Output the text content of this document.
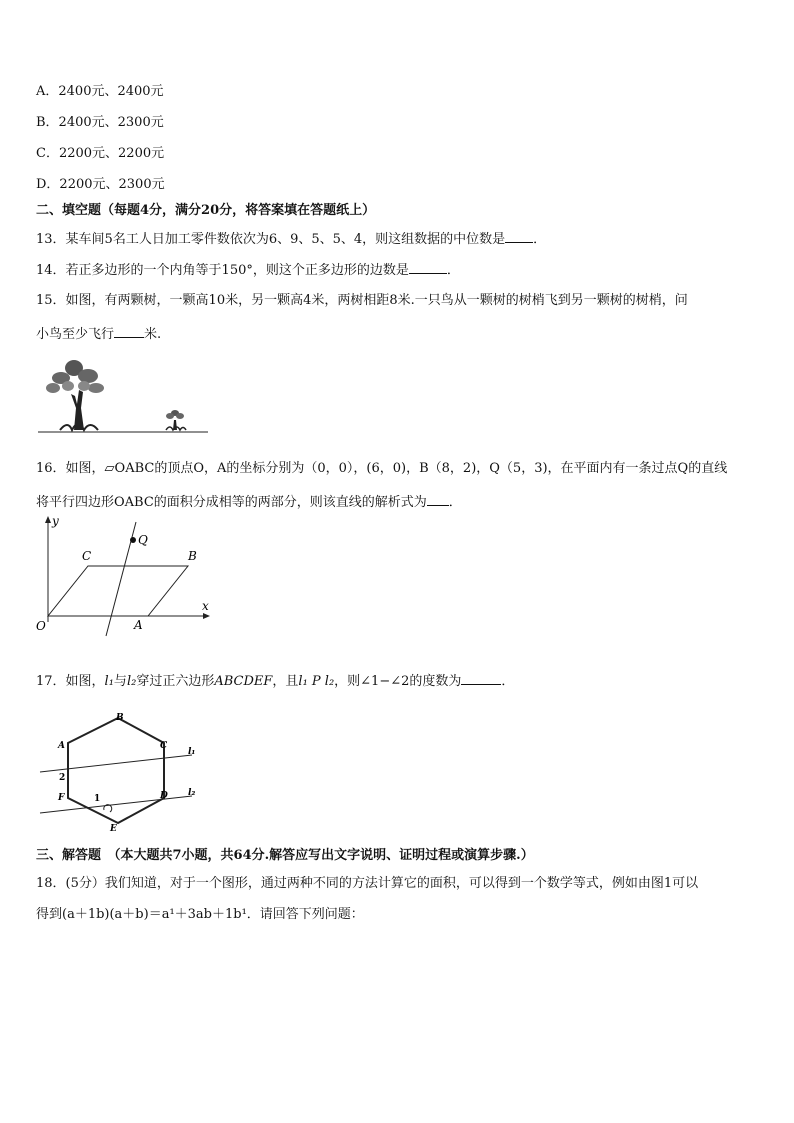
A．2400元、2400元
B．2400元、2300元
C．2200元、2200元
D．2200元、2300元
二、填空题（每题4分，满分20分，将答案填在答题纸上）
13．某车间5名工人日加工零件数依次为6、9、5、5、4，则这组数据的中位数是 ．
14．若正多边形的一个内角等于150°，则这个正多边形的边数是	．
15．如图，有两颗树，一颗高10米，另一颗高4米，两树相距8米.一只鸟从一颗树的树梢飞到另一颗树的树梢，问
小鸟至少飞行 米.
16．如图，▱OABC的顶点O，A的坐标分别为（0，0），(6，0)，B（8，2)，Q（5，3)，在平面内有一条过点Q的直线
将平行四边形OABC的面积分成相等的两部分，则该直线的解析式为 ．
y
x
O	A
B
C
Q
17．如图，l₁与l₂穿过正六边形ABCDEF，且l₁ P l₂，则∠1−∠2的度数为	．
A
B
C
D
E
F
l₁
l₂
1
2
三、解答题　（本大题共7小题，共64分.解答应写出文字说明、证明过程或演算步骤.）
18．(5分）我们知道，对于一个图形，通过两种不同的方法计算它的面积，可以得到一个数学等式，例如由图1可以
得到(a＋1b)(a＋b)＝a¹＋3ab＋1b¹．请回答下列问题：
